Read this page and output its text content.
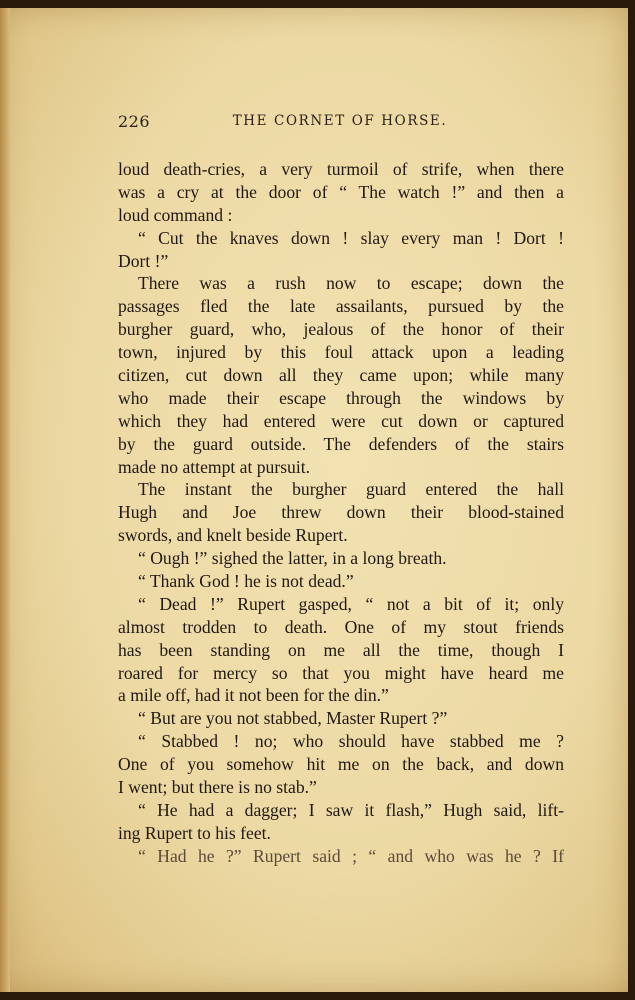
226	THE CORNET OF HORSE.
loud death-cries, a very turmoil of strife, when there
was a cry at the door of “ The watch !” and then a
loud command :
“ Cut the knaves down ! slay every man ! Dort !
Dort !”
There was a rush now to escape; down the
passages fled the late assailants, pursued by the
burgher guard, who, jealous of the honor of their
town, injured by this foul attack upon a leading
citizen, cut down all they came upon; while many
who made their escape through the windows by
which they had entered were cut down or captured
by the guard outside. The defenders of the stairs
made no attempt at pursuit.
The instant the burgher guard entered the hall
Hugh and Joe threw down their blood-stained
swords, and knelt beside Rupert.
“ Ough !” sighed the latter, in a long breath.
“ Thank God ! he is not dead.”
“ Dead !” Rupert gasped, “ not a bit of it; only
almost trodden to death. One of my stout friends
has been standing on me all the time, though I
roared for mercy so that you might have heard me
a mile off, had it not been for the din.”
“ But are you not stabbed, Master Rupert ?”
“ Stabbed ! no; who should have stabbed me ?
One of you somehow hit me on the back, and down
I went; but there is no stab.”
“ He had a dagger; I saw it flash,” Hugh said, lift-
ing Rupert to his feet.
“ Had he ?” Rupert said ; “ and who was he ? If
